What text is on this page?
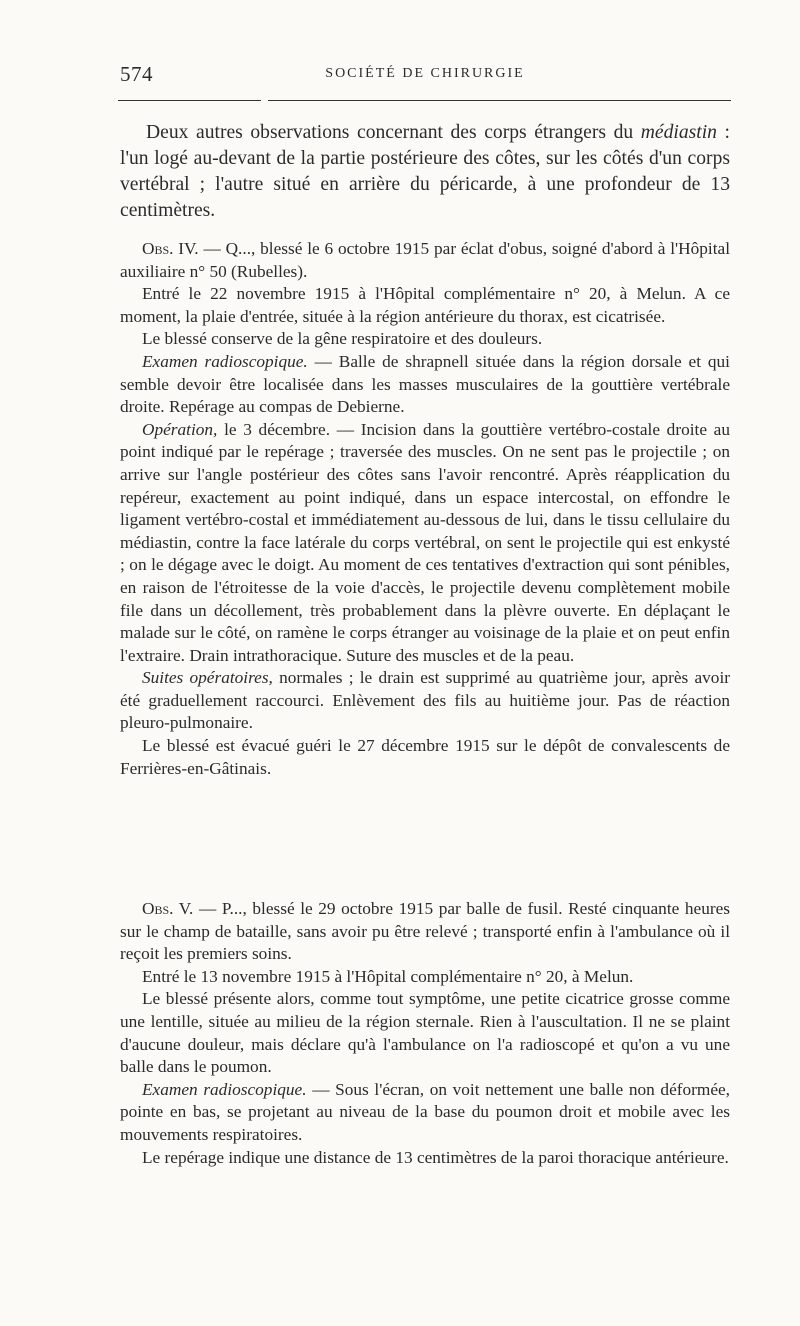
574	SOCIÉTÉ DE CHIRURGIE

Deux autres observations concernant des corps étrangers du médiastin : l'un logé au-devant de la partie postérieure des côtes, sur les côtés d'un corps vertébral ; l'autre situé en arrière du péricarde, à une profondeur de 13 centimètres.

Obs. IV. — Q..., blessé le 6 octobre 1915 par éclat d'obus, soigné d'abord à l'Hôpital auxiliaire n° 50 (Rubelles).

Entré le 22 novembre 1915 à l'Hôpital complémentaire n° 20, à Melun. A ce moment, la plaie d'entrée, située à la région antérieure du thorax, est cicatrisée.

Le blessé conserve de la gêne respiratoire et des douleurs.

Examen radioscopique. — Balle de shrapnell située dans la région dorsale et qui semble devoir être localisée dans les masses musculaires de la gouttière vertébrale droite. Repérage au compas de Debierne.

Opération, le 3 décembre. — Incision dans la gouttière vertébro-costale droite au point indiqué par le repérage ; traversée des muscles. On ne sent pas le projectile ; on arrive sur l'angle postérieur des côtes sans l'avoir rencontré. Après réapplication du repéreur, exactement au point indiqué, dans un espace intercostal, on effondre le ligament vertébro-costal et immédiatement au-dessous de lui, dans le tissu cellulaire du médiastin, contre la face latérale du corps vertébral, on sent le projectile qui est enkysté ; on le dégage avec le doigt. Au moment de ces tentatives d'extraction qui sont pénibles, en raison de l'étroitesse de la voie d'accès, le projectile devenu complètement mobile file dans un décollement, très probablement dans la plèvre ouverte. En déplaçant le malade sur le côté, on ramène le corps étranger au voisinage de la plaie et on peut enfin l'extraire. Drain intrathoracique. Suture des muscles et de la peau.

Suites opératoires, normales ; le drain est supprimé au quatrième jour, après avoir été graduellement raccourci. Enlèvement des fils au huitième jour. Pas de réaction pleuro-pulmonaire.

Le blessé est évacué guéri le 27 décembre 1915 sur le dépôt de convalescents de Ferrières-en-Gâtinais.

Obs. V. — P..., blessé le 29 octobre 1915 par balle de fusil. Resté cinquante heures sur le champ de bataille, sans avoir pu être relevé ; transporté enfin à l'ambulance où il reçoit les premiers soins.

Entré le 13 novembre 1915 à l'Hôpital complémentaire n° 20, à Melun.

Le blessé présente alors, comme tout symptôme, une petite cicatrice grosse comme une lentille, située au milieu de la région sternale. Rien à l'auscultation. Il ne se plaint d'aucune douleur, mais déclare qu'à l'ambulance on l'a radioscopé et qu'on a vu une balle dans le poumon.

Examen radioscopique. — Sous l'écran, on voit nettement une balle non déformée, pointe en bas, se projetant au niveau de la base du poumon droit et mobile avec les mouvements respiratoires.

Le repérage indique une distance de 13 centimètres de la paroi thoracique antérieure.
